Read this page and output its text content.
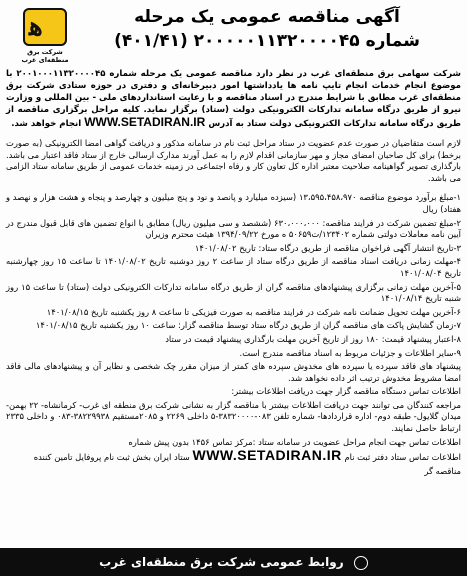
ﻫ
شرکت برق منطقه‌ای غرب
آگهی مناقصه عمومی یک مرحله
شماره ۲۰۰۰۰۰۱۱۳۲۰۰۰۰۴۵ (۴۰۱/۴۱)

شرکت سهامی برق منطقه‌ای غرب در نظر دارد مناقصه عمومی یک مرحله شماره ۲۰۰۱۰۰۰۱۱۳۲۰۰۰۰۴۵ با موضوع انجام خدمات انجام تایپ نامه ها یادداشتها امور دبیرخانه‌ای و دفتری در حوزه ستادی شرکت برق منطقه‌ای غرب مطابق با شرایط مندرج در اسناد مناقصه و با رعایت استانداردهای ملی - بین المللی و وزارت نیرو از طریق درگاه سامانه تدارکات الکترونیکی دولت (ستاد) برگزار نماید. کلیه مراحل برگزاری مناقصه از طریق درگاه سامانه تدارکات الکترونیکی دولت ستاد به آدرس WWW.SETADIRAN.IR انجام خواهد شد.

لازم است متقاضیان در صورت عدم عضویت در ستاد مراحل ثبت نام در سامانه مذکور و دریافت گواهی امضا الکترونیکی (به صورت برخط) برای کل صاحبان امضای مجاز و مهر سازمانی اقدام لازم را به عمل آورند مدارک ارسالی خارج از ستاد فاقد اعتبار می باشد. بارگذاری تصویر گواهینامه صلاحیت معتبر اداره کل تعاون کار و رفاه اجتماعی در زمینه خدمات عمومی از طریق سامانه ستاد الزامی می باشد.

۱-مبلغ برآورد موضوع مناقصه ۱۳،۵۹۵،۴۵۸،۹۷۰ (سیزده میلیارد و پانصد و نود و پنج میلیون و چهارصد و پنجاه و هشت هزار و نهصد و هفتاد) ریال

۲-مبلغ تضمین شرکت در فرایند مناقصه: ۶۳۰،۰۰۰،۰۰۰ (ششصد و سی میلیون ریال) مطابق با انواع تضمین های قابل قبول مندرج در آیین نامه معاملات دولتی شماره ۱۲۳۴۰۲/ت۵۰۶۵۹ ه مورخ ۱۳۹۴/۰۹/۲۲ هیئت محترم وزیران

۳-تاریخ انتشار آگهی فراخوان مناقصه از طریق درگاه ستاد: تاریخ ۱۴۰۱/۰۸/۰۲

۴-مهلت زمانی دریافت اسناد مناقصه از طریق درگاه ستاد از ساعت ۲ روز دوشنبه تاریخ ۱۴۰۱/۰۸/۰۲ تا ساعت ۱۵ روز چهارشنبه تاریخ ۱۴۰۱/۰۸/۰۴

۵-آخرین مهلت زمانی برگزاری پیشنهادهای مناقصه گران از طریق درگاه سامانه تدارکات الکترونیکی دولت (ستاد) تا ساعت ۱۵ روز شنبه تاریخ ۱۴۰۱/۰۸/۱۴

۶-آخرین مهلت تحویل ضمانت نامه شرکت در فرایند مناقصه به صورت فیزیکی تا ساعت ۸ روز یکشنبه تاریخ ۱۴۰۱/۰۸/۱۵

۷-زمان گشایش پاکت های مناقصه گران از طریق درگاه ستاد توسط مناقصه گزار: ساعت ۱۰ روز یکشنبه تاریخ ۱۴۰۱/۰۸/۱۵

۸-اعتبار پیشنهاد قیمت: ۱۸۰ روز از تاریخ آخرین مهلت بارگذاری پیشنهاد قیمت در ستاد

۹-سایر اطلاعات و جزئیات مربوط به اسناد مناقصه مندرج است.

پیشنهاد های فاقد سپرده یا سپرده های مخدوش سپرده های کمتر از میزان مقرر چک شخصی و نظایر آن و پیشنهادهای مالی فاقد امضا مشروط مخدوش ترتیب اثر داده نخواهد شد.

اطلاعات تماس دستگاه مناقصه گزار جهت دریافت اطلاعات بیشتر:

مراجعه کنندگان می توانند جهت دریافت اطلاعات بیشتر با مناقصه گزار به نشانی شرکت برق منطقه ای غرب- کرمانشاه- ۲۲ بهمن- میدان گلایول- طبقه دوم- اداره قراردادها- شماره تلفن ۰۸۳-۳۸۳۲۰۰۰۰-۵ داخلی ۲۲۶۹ و ۲۰۸۵مستقیم ۳۸۲۲۹۹۳۸-۰۸۳ و داخلی ۲۳۳۵ ارتباط حاصل نمایند.

اطلاعات تماس جهت انجام مراحل عضویت در سامانه ستاد :مرکز تماس ۱۴۵۶ بدون پیش شماره

اطلاعات تماس ستاد دفتر ثبت نام WWW.SETADIRAN.IR ستاد ایران بخش ثبت نام پروفایل تامین کننده

مناقصه گر

روابط عمومی شرکت برق منطقه‌ای غرب
